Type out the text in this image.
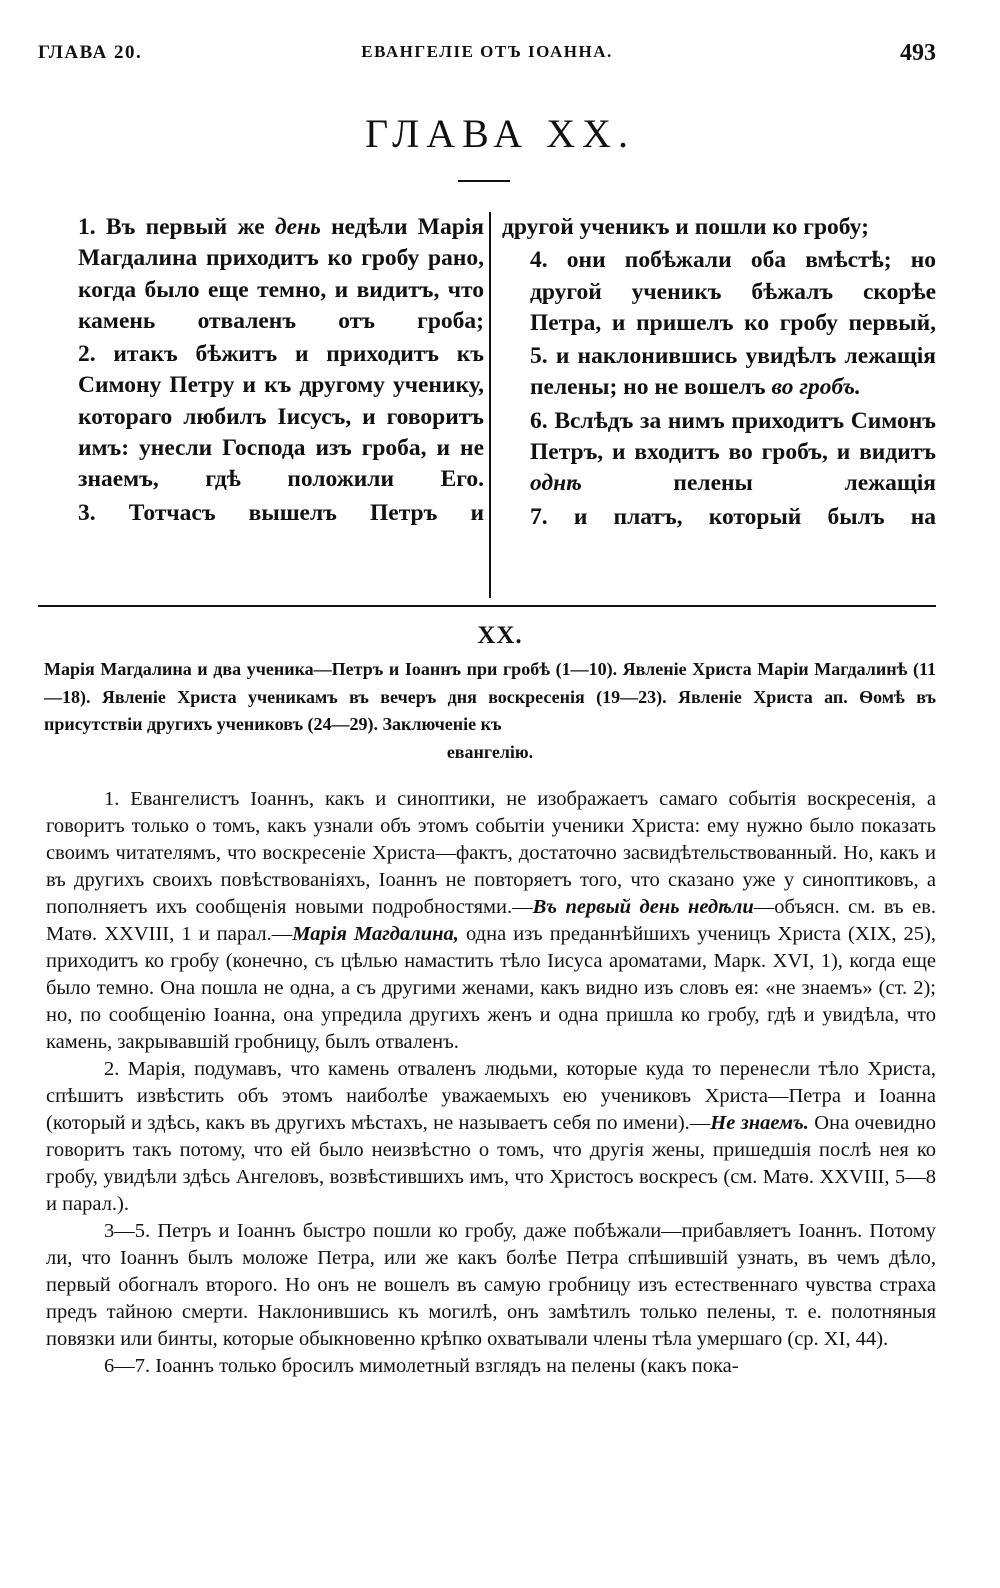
ГЛАВА 20.	ЕВАНГЕЛІЕ ОТЪ ІОАННА.	493
ГЛАВА XX.

1. Въ первый же день недѣли Марія Магдалина приходитъ ко гробу рано, когда было еще темно, и видитъ, что камень отваленъ отъ гроба;

2. итакъ бѣжитъ и приходитъ къ Симону Петру и къ другому ученику, котораго любилъ Іисусъ, и говоритъ имъ: унесли Господа изъ гроба, и не знаемъ, гдѣ положили Его.

3. Тотчасъ вышелъ Петръ и

другой ученикъ и пошли ко гробу;

4. они побѣжали оба вмѣстѣ; но другой ученикъ бѣжалъ скорѣе Петра, и пришелъ ко гробу первый,

5. и наклонившись увидѣлъ лежащія пелены; но не вошелъ во гробъ.

6. Вслѣдъ за нимъ приходитъ Симонъ Петръ, и входитъ во гробъ, и видитъ однѣ пелены лежащія

7. и платъ, который былъ на

XX.
Марія Магдалина и два ученика—Петръ и Іоаннъ при гробѣ (1—10). Явленіе Христа Маріи Магдалинѣ (11—18). Явленіе Христа ученикамъ въ вечеръ дня воскресенія (19—23). Явленіе Христа ап. Ѳомѣ въ присутствіи другихъ учениковъ (24—29). Заключеніе къ
евангелію.

1. Евангелистъ Іоаннъ, какъ и синоптики, не изображаетъ самаго событія воскресенія, а говоритъ только о томъ, какъ узнали объ этомъ событіи ученики Христа: ему нужно было показать своимъ читателямъ, что воскресеніе Христа—фактъ, достаточно засвидѣтельствованный. Но, какъ и въ другихъ своихъ повѣствованіяхъ, Іоаннъ не повторяетъ того, что сказано уже у синоптиковъ, а пополняетъ ихъ сообщенія новыми подробностями.—Въ первый день недѣли—объясн. см. въ ев. Матѳ. XXVIII, 1 и парал.—Марія Магдалина, одна изъ преданнѣйшихъ ученицъ Христа (XIX, 25), приходитъ ко гробу (конечно, съ цѣлью намастить тѣло Іисуса ароматами, Марк. XVI, 1), когда еще было темно. Она пошла не одна, а съ другими женами, какъ видно изъ словъ ея: «не знаемъ» (ст. 2); но, по сообщенію Іоанна, она упредила другихъ женъ и одна пришла ко гробу, гдѣ и увидѣла, что камень, закрывавшій гробницу, былъ отваленъ.

2. Марія, подумавъ, что камень отваленъ людьми, которые куда то перенесли тѣло Христа, спѣшитъ извѣстить объ этомъ наиболѣе уважаемыхъ ею учениковъ Христа—Петра и Іоанна (который и здѣсь, какъ въ другихъ мѣстахъ, не называетъ себя по имени).—Не знаемъ. Она очевидно говоритъ такъ потому, что ей было неизвѣстно о томъ, что другія жены, пришедшія послѣ нея ко гробу, увидѣли здѣсь Ангеловъ, возвѣстившихъ имъ, что Христосъ воскресъ (см. Матѳ. XXVIII, 5—8 и парал.).

3—5. Петръ и Іоаннъ быстро пошли ко гробу, даже побѣжали—прибавляетъ Іоаннъ. Потому ли, что Іоаннъ былъ моложе Петра, или же какъ болѣе Петра спѣшившій узнать, въ чемъ дѣло, первый обогналъ второго. Но онъ не вошелъ въ самую гробницу изъ естественнаго чувства страха предъ тайною смерти. Наклонившись къ могилѣ, онъ замѣтилъ только пелены, т. е. полотняныя повязки или бинты, которые обыкновенно крѣпко охватывали члены тѣла умершаго (ср. XI, 44).

6—7. Іоаннъ только бросилъ мимолетный взглядъ на пелены (какъ пока-
